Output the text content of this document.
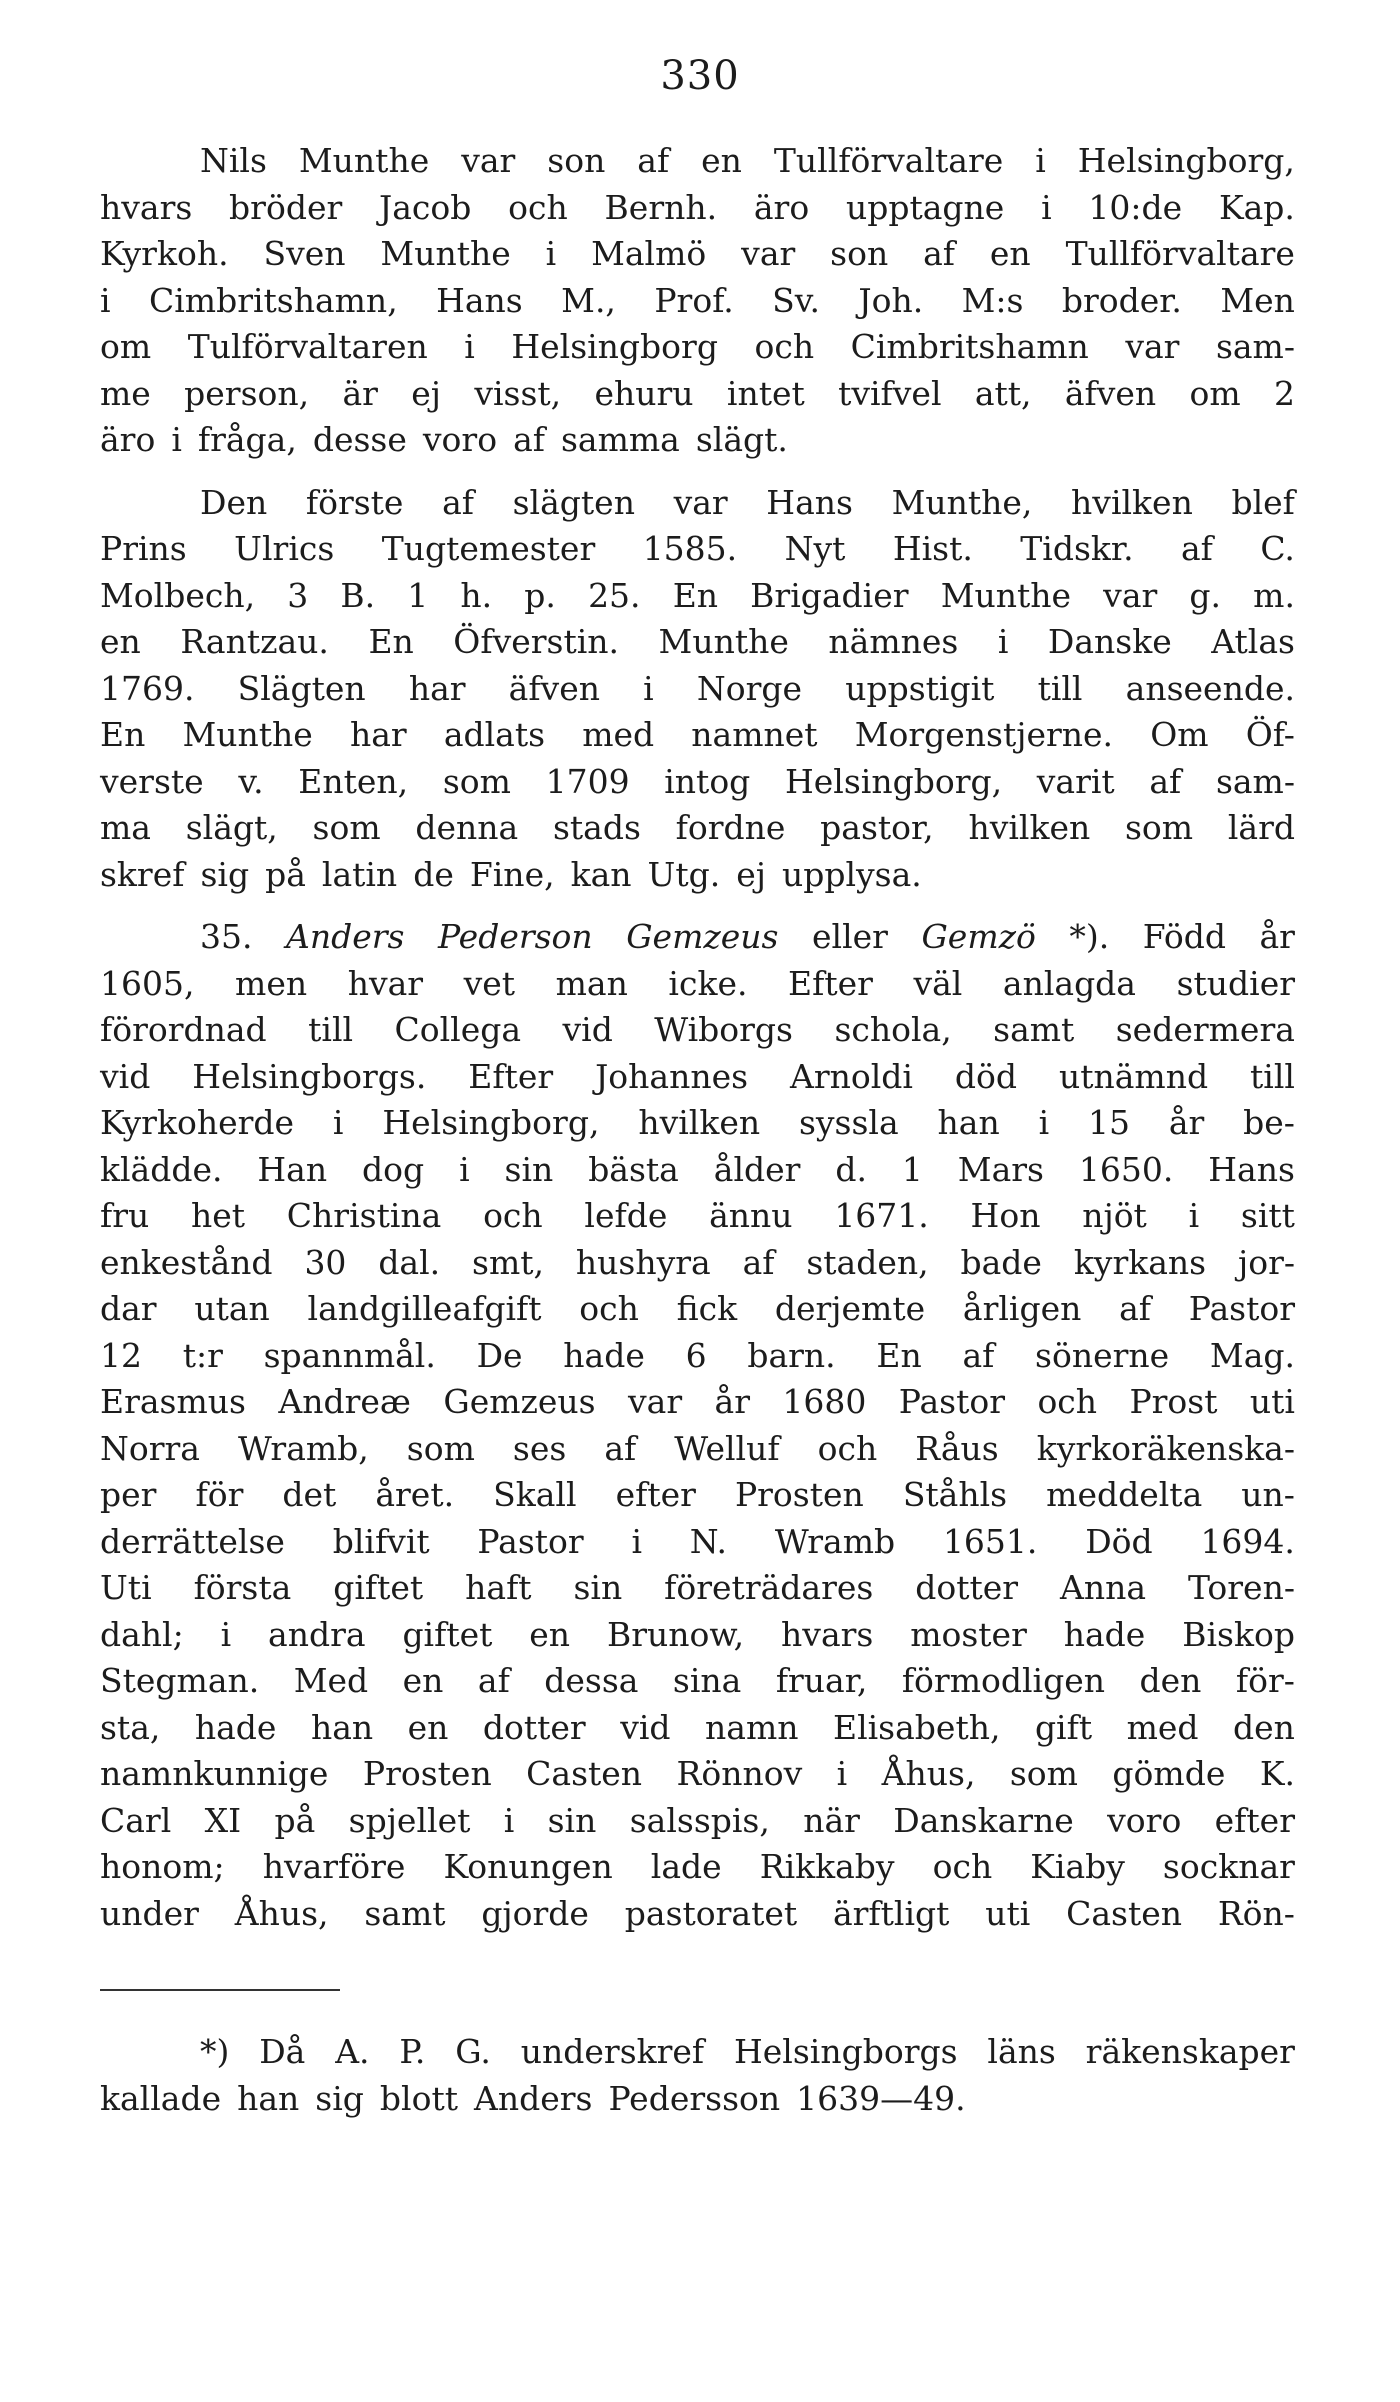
330
Nils Munthe var son af en Tullförvaltare i Helsingborg,
hvars bröder Jacob och Bernh. äro upptagne i 10:de Kap.
Kyrkoh. Sven Munthe i Malmö var son af en Tullförvaltare
i Cimbritshamn, Hans M., Prof. Sv. Joh. M:s broder. Men
om Tulförvaltaren i Helsingborg och Cimbritshamn var sam-
me person, är ej visst, ehuru intet tvifvel att, äfven om 2
äro i fråga, desse voro af samma slägt.
Den förste af slägten var Hans Munthe, hvilken blef
Prins Ulrics Tugtemester 1585. Nyt Hist. Tidskr. af C.
Molbech, 3 B. 1 h. p. 25. En Brigadier Munthe var g. m.
en Rantzau. En Öfverstin. Munthe nämnes i Danske Atlas
1769. Slägten har äfven i Norge uppstigit till anseende.
En Munthe har adlats med namnet Morgenstjerne. Om Öf-
verste v. Enten, som 1709 intog Helsingborg, varit af sam-
ma slägt, som denna stads fordne pastor, hvilken som lärd
skref sig på latin de Fine, kan Utg. ej upplysa.
35. Anders Pederson Gemzeus eller Gemzö *). Född år
1605, men hvar vet man icke. Efter väl anlagda studier
förordnad till Collega vid Wiborgs schola, samt sedermera
vid Helsingborgs. Efter Johannes Arnoldi död utnämnd till
Kyrkoherde i Helsingborg, hvilken syssla han i 15 år be-
klädde. Han dog i sin bästa ålder d. 1 Mars 1650. Hans
fru het Christina och lefde ännu 1671. Hon njöt i sitt
enkestånd 30 dal. smt, hushyra af staden, bade kyrkans jor-
dar utan landgilleafgift och fick derjemte årligen af Pastor
12 t:r spannmål. De hade 6 barn. En af sönerne Mag.
Erasmus Andreæ Gemzeus var år 1680 Pastor och Prost uti
Norra Wramb, som ses af Welluf och Råus kyrkoräkenska-
per för det året. Skall efter Prosten Ståhls meddelta un-
derrättelse blifvit Pastor i N. Wramb 1651. Död 1694.
Uti första giftet haft sin företrädares dotter Anna Toren-
dahl; i andra giftet en Brunow, hvars moster hade Biskop
Stegman. Med en af dessa sina fruar, förmodligen den för-
sta, hade han en dotter vid namn Elisabeth, gift med den
namnkunnige Prosten Casten Rönnov i Åhus, som gömde K.
Carl XI på spjellet i sin salsspis, när Danskarne voro efter
honom; hvarföre Konungen lade Rikkaby och Kiaby socknar
under Åhus, samt gjorde pastoratet ärftligt uti Casten Rön-
*) Då A. P. G. underskref Helsingborgs läns räkenskaper
kallade han sig blott Anders Pedersson 1639—49.
